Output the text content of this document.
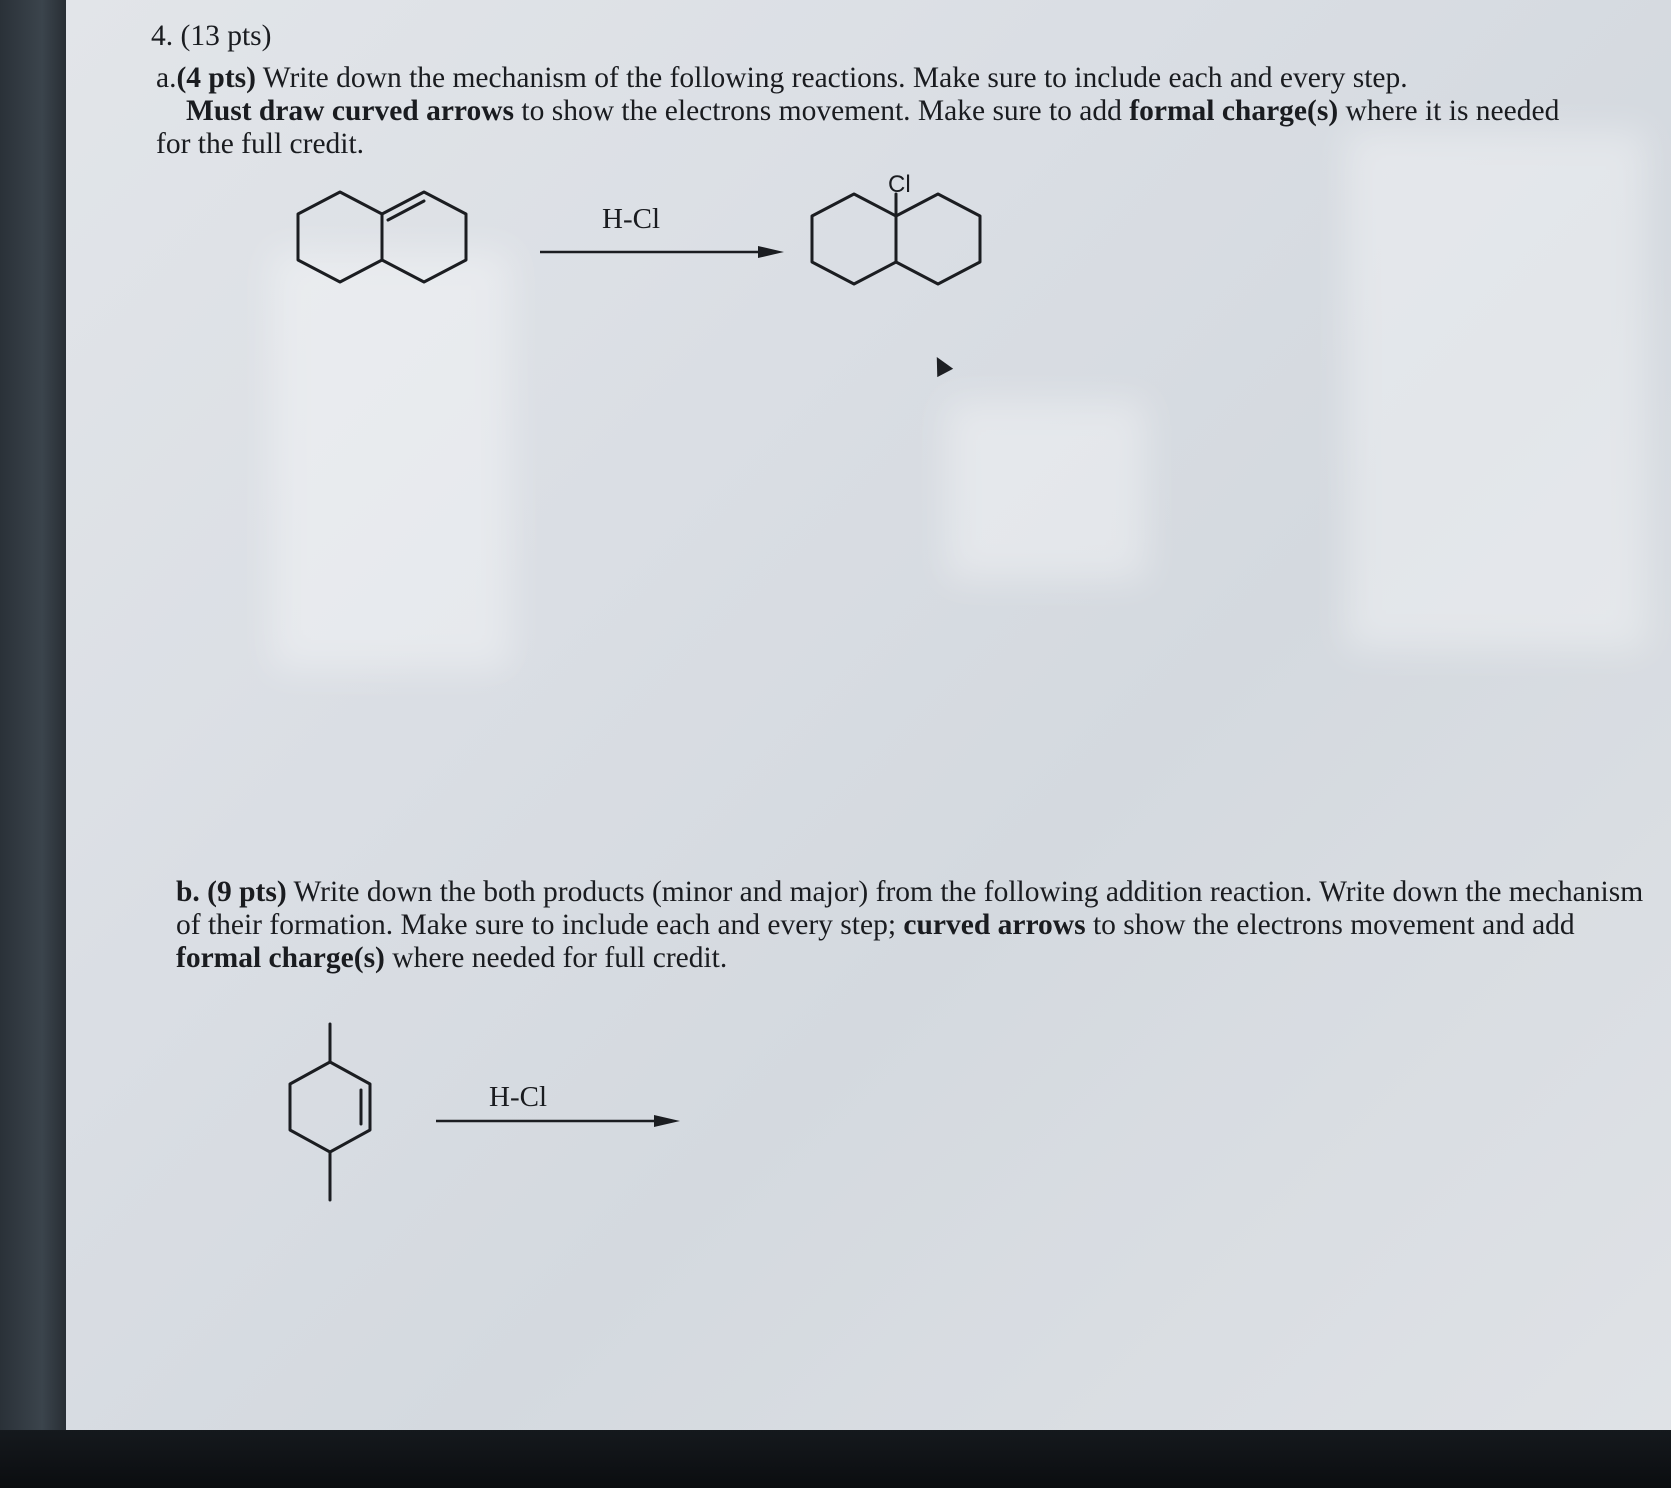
4. (13 pts)
a.(4 pts) Write down the mechanism of the following reactions. Make sure to include each and every step.
Must draw curved arrows to show the electrons movement. Make sure to add formal charge(s) where it is needed for the full credit.
H-Cl
Cl
b. (9 pts) Write down the both products (minor and major) from the following addition reaction. Write down the mechanism of their formation. Make sure to include each and every step; curved arrows to show the electrons movement and add formal charge(s) where needed for full credit.
H-Cl
